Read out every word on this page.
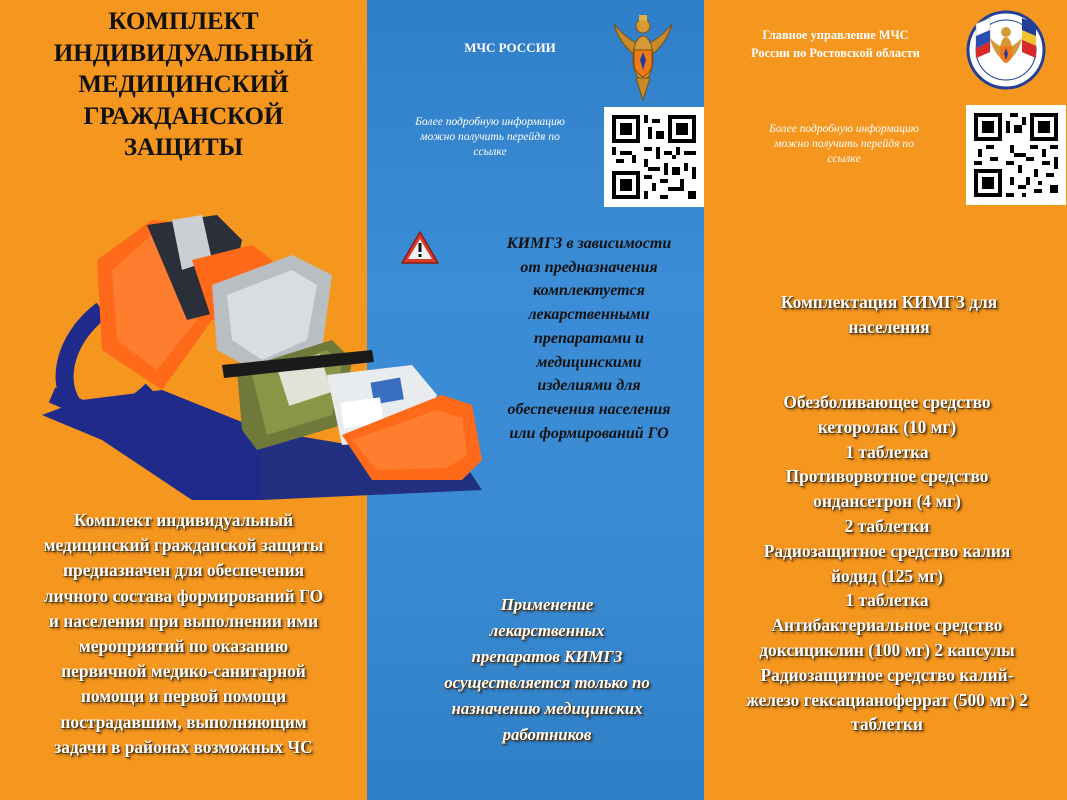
КОМПЛЕКТ
ИНДИВИДУАЛЬНЫЙ
МЕДИЦИНСКИЙ
ГРАЖДАНСКОЙ
ЗАЩИТЫ
Комплект индивидуальный
медицинский гражданской защиты
предназначен для обеспечения
личного состава формирований ГО
и населения при выполнении ими
мероприятий по оказанию
первичной медико-санитарной
помощи и первой помощи
пострадавшим, выполняющим
задачи в районах возможных ЧС
МЧС РОССИИ
Более подробную информацию
можно получить перейдя по
ссылке
КИМГЗ в зависимости
от предназначения
комплектуется
лекарственными
препаратами и
медицинскими
изделиями для
обеспечения населения
или формирований ГО
Применение
лекарственных
препаратов КИМГЗ
осуществляется только по
назначению медицинских
работников
Главное управление МЧС
России по Ростовской области
Более подробную информацию
можно получить перейдя по
ссылке
Комплектация КИМГЗ для
населения
Обезболивающее средство
кеторолак (10 мг)
1 таблетка
Противорвотное средство
ондансетрон (4 мг)
2 таблетки
Радиозащитное средство калия
йодид (125 мг)
1 таблетка
Антибактериальное средство
доксициклин (100 мг) 2 капсулы
Радиозащитное средство калий-
железо гексацианоферрат (500 мг) 2
таблетки
